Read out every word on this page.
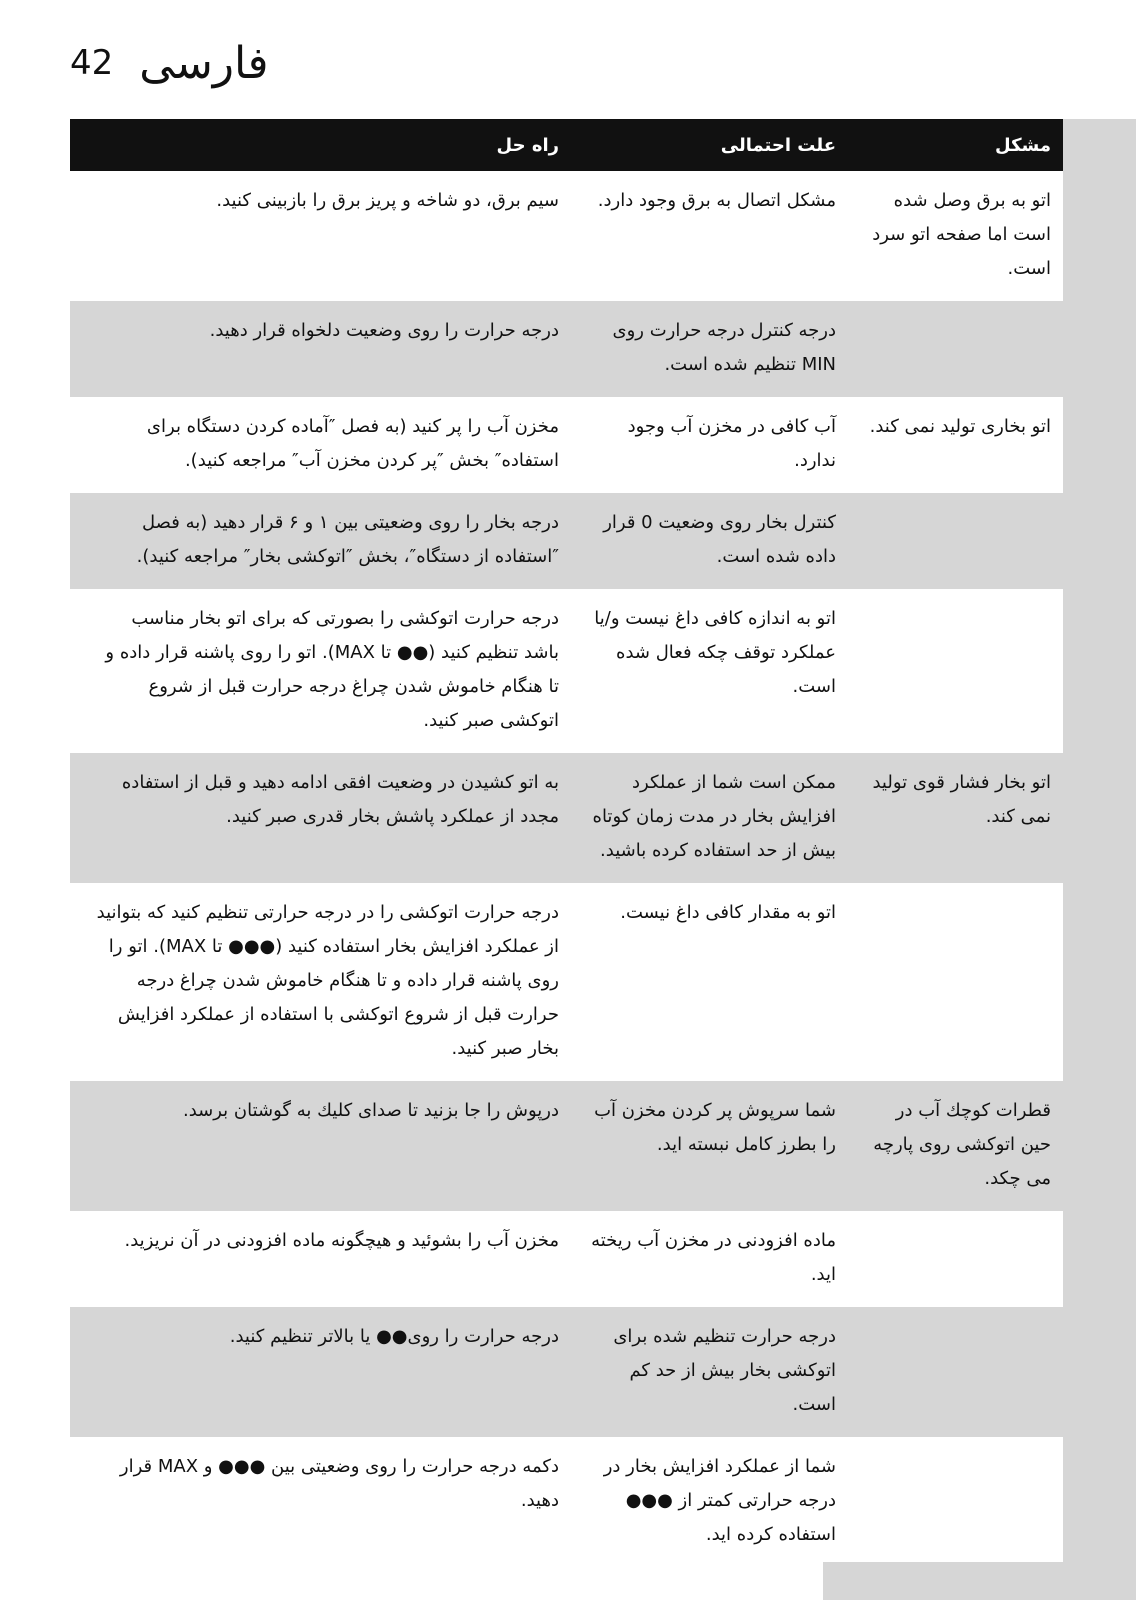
42 فارسی
مشکل	علت احتمالی	راه حل
اتو به برق وصل شده است اما صفحه اتو سرد است.	مشکل اتصال به برق وجود دارد.	سیم برق، دو شاخه و پریز برق را بازبینی کنید.
	درجه کنترل درجه حرارت روی MIN تنظیم شده است.	درجه حرارت را روی وضعیت دلخواه قرار دهید.
اتو بخاری تولید نمی کند.	آب کافی در مخزن آب وجود ندارد.	مخزن آب را پر کنید (به فصل ″آماده کردن دستگاه برای استفاده″ بخش ″پر کردن مخزن آب″ مراجعه کنید).
	کنترل بخار روی وضعیت 0 قرار داده شده است.	درجه بخار را روی وضعیتی بین ۱ و ۶ قرار دهید (به فصل ″استفاده از دستگاه″، بخش ″اتوکشی بخار″ مراجعه کنید).
	اتو به اندازه کافی داغ نیست و/یا عملکرد توقف چکه فعال شده است.	درجه حرارت اتوکشی را بصورتی که برای اتو بخار مناسب باشد تنظیم کنید (●● تا MAX). اتو را روی پاشنه قرار داده و تا هنگام خاموش شدن چراغ درجه حرارت قبل از شروع اتوکشی صبر کنید.
اتو بخار فشار قوی تولید نمی کند.	ممکن است شما از عملکرد افزایش بخار در مدت زمان کوتاه بیش از حد استفاده کرده باشید.	به اتو کشیدن در وضعیت افقی ادامه دهید و قبل از استفاده مجدد از عملکرد پاشش بخار قدری صبر کنید.
	اتو به مقدار کافی داغ نیست.	درجه حرارت اتوکشی را در درجه حرارتی تنظیم کنید که بتوانید از عملکرد افزایش بخار استفاده کنید (●●● تا MAX). اتو را روی پاشنه قرار داده و تا هنگام خاموش شدن چراغ درجه حرارت قبل از شروع اتوکشی با استفاده از عملکرد افزایش بخار صبر کنید.
قطرات کوچك آب در حین اتوکشی روی پارچه می چکد.	شما سرپوش پر کردن مخزن آب را بطرز کامل نبسته اید.	درپوش را جا بزنید تا صدای کلیك به گوشتان برسد.
	ماده افزودنی در مخزن آب ریخته اید.	مخزن آب را بشوئید و هیچگونه ماده افزودنی در آن نریزید.
	درجه حرارت تنظیم شده برای اتوکشی بخار بیش از حد کم است.	درجه حرارت را روی●● یا بالاتر تنظیم کنید.
	شما از عملکرد افزایش بخار در درجه حرارتی کمتر از ●●● استفاده کرده اید.	دکمه درجه حرارت را روی وضعیتی بین ●●● و MAX قرار دهید.
